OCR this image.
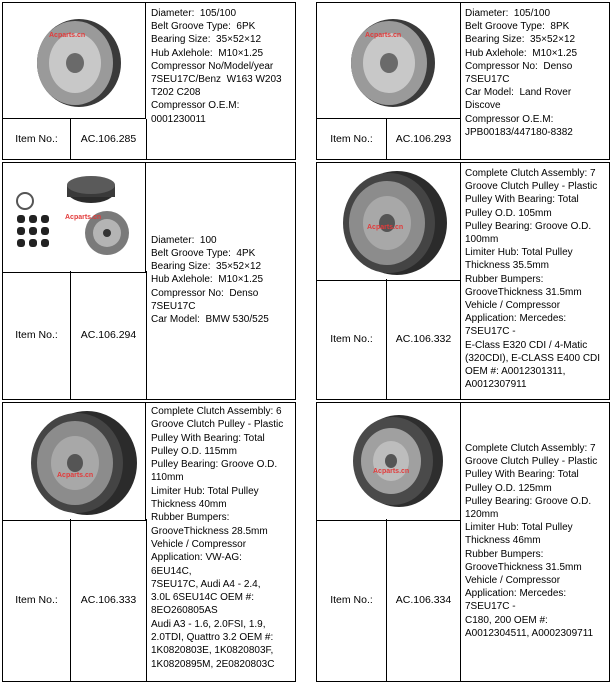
Acparts.cn
Item No.:	AC.106.285
Diameter:  105/100
Belt Groove Type:  6PK
Bearing Size:  35×52×12
Hub Axlehole:  M10×1.25
Compressor No/Model/year
7SEU17C/Benz  W163 W203
T202 C208
Compressor O.E.M:
0001230011
Acparts.cn
Item No.:	AC.106.293
Diameter:  105/100
Belt Groove Type:  8PK
Bearing Size:  35×52×12
Hub Axlehole:  M10×1.25
Compressor No:  Denso
7SEU17C
Car Model:  Land Rover
Discove
Compressor O.E.M:
JPB00183/447180-8382
Acparts.cn
Item No.:	AC.106.294
Diameter:  100
Belt Groove Type:  4PK
Bearing Size:  35×52×12
Hub Axlehole:  M10×1.25
Compressor No:  Denso
7SEU17C
Car Model:  BMW 530/525
Acparts.cn
Item No.:	AC.106.332
Complete Clutch Assembly: 7
Groove Clutch Pulley - Plastic
Pulley With Bearing: Total
Pulley O.D. 105mm
Pulley Bearing: Groove O.D.
100mm
Limiter Hub: Total Pulley
Thickness 35.5mm
Rubber Bumpers:
GrooveThickness 31.5mm
Vehicle / Compressor
Application: Mercedes:
7SEU17C -
E-Class E320 CDI / 4-Matic
(320CDI), E-CLASS E400 CDI
OEM #: A0012301311,
A0012307911
Acparts.cn
Item No.:	AC.106.333
Complete Clutch Assembly: 6
Groove Clutch Pulley - Plastic
Pulley With Bearing: Total
Pulley O.D. 115mm
Pulley Bearing: Groove O.D.
110mm
Limiter Hub: Total Pulley
Thickness 40mm
Rubber Bumpers:
GrooveThickness 28.5mm
Vehicle / Compressor
Application: VW-AG:
6EU14C,
7SEU17C, Audi A4 - 2.4,
3.0L 6SEU14C OEM #:
8EO260805AS
Audi A3 - 1.6, 2.0FSI, 1.9,
2.0TDI, Quattro 3.2 OEM #:
1K0820803E, 1K0820803F,
1K0820895M, 2E0820803C
Acparts.cn
Item No.:	AC.106.334
Complete Clutch Assembly: 7
Groove Clutch Pulley - Plastic
Pulley With Bearing: Total
Pulley O.D. 125mm
Pulley Bearing: Groove O.D.
120mm
Limiter Hub: Total Pulley
Thickness 46mm
Rubber Bumpers:
GrooveThickness 31.5mm
Vehicle / Compressor
Application: Mercedes:
7SEU17C -
C180, 200 OEM #:
A0012304511, A0002309711
